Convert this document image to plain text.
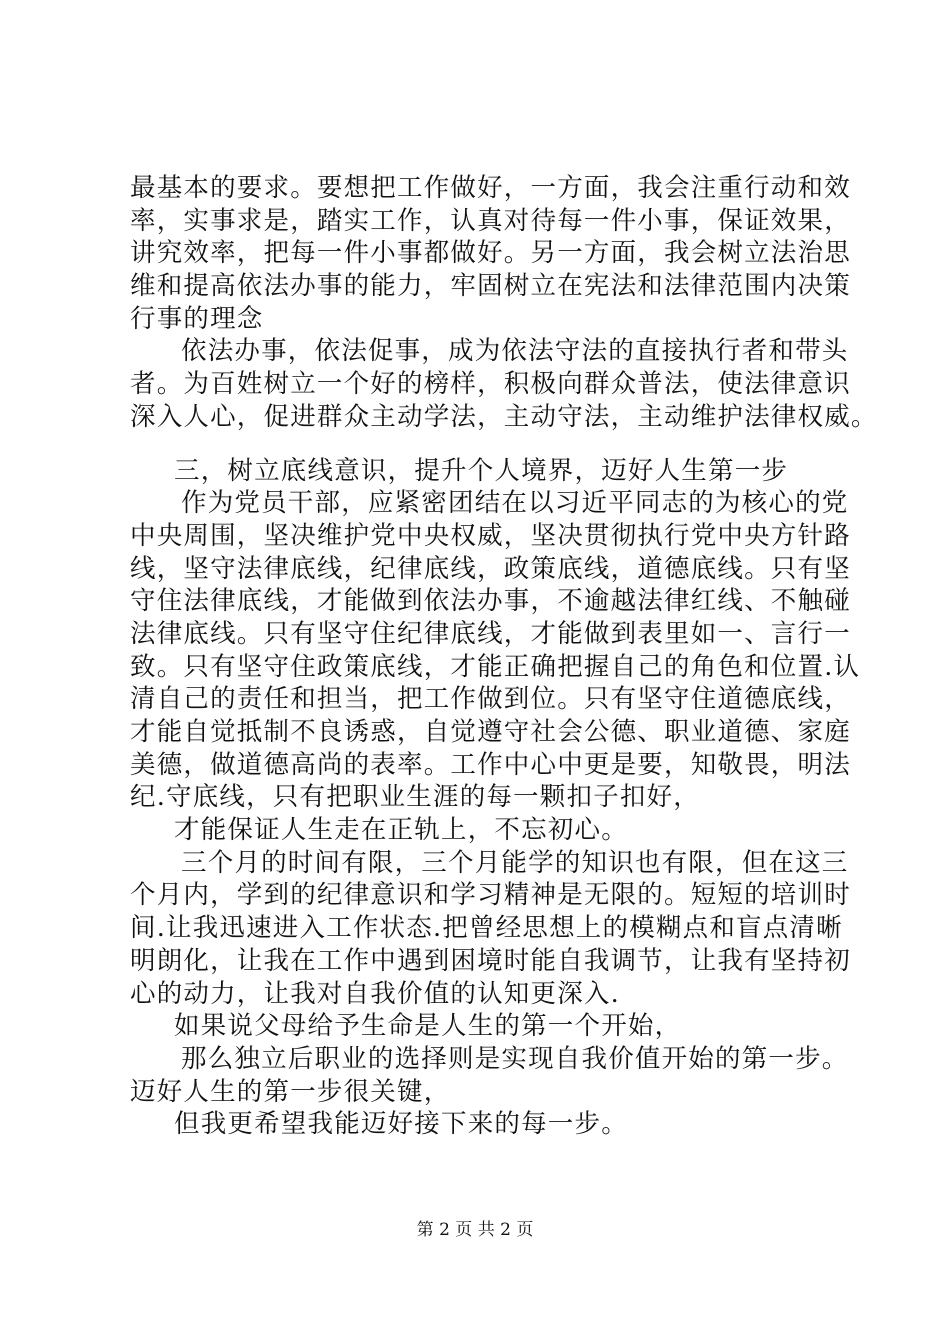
最基本的要求。要想把工作做好，一方面，我会注重行动和效
率，实事求是，踏实工作，认真对待每一件小事，保证效果，
讲究效率，把每一件小事都做好。另一方面，我会树立法治思
维和提高依法办事的能力，牢固树立在宪法和法律范围内决策
行事的理念
依法办事，依法促事，成为依法守法的直接执行者和带头
者。为百姓树立一个好的榜样，积极向群众普法，使法律意识
深入人心，促进群众主动学法，主动守法，主动维护法律权威。
三，树立底线意识，提升个人境界，迈好人生第一步
作为党员干部，应紧密团结在以习近平同志的为核心的党
中央周围，坚决维护党中央权威，坚决贯彻执行党中央方针路
线，坚守法律底线，纪律底线，政策底线，道德底线。只有坚
守住法律底线，才能做到依法办事，不逾越法律红线、不触碰
法律底线。只有坚守住纪律底线，才能做到表里如一、言行一
致。只有坚守住政策底线，才能正确把握自己的角色和位置.认
清自己的责任和担当，把工作做到位。只有坚守住道德底线，
才能自觉抵制不良诱惑，自觉遵守社会公德、职业道德、家庭
美德，做道德高尚的表率。工作中心中更是要，知敬畏，明法
纪.守底线，只有把职业生涯的每一颗扣子扣好，
才能保证人生走在正轨上，不忘初心。
三个月的时间有限，三个月能学的知识也有限，但在这三
个月内，学到的纪律意识和学习精神是无限的。短短的培训时
间.让我迅速进入工作状态.把曾经思想上的模糊点和盲点清晰
明朗化，让我在工作中遇到困境时能自我调节，让我有坚持初
心的动力，让我对自我价值的认知更深入.
如果说父母给予生命是人生的第一个开始，
那么独立后职业的选择则是实现自我价值开始的第一步。
迈好人生的第一步很关键，
但我更希望我能迈好接下来的每一步。
第 2 页 共 2 页
